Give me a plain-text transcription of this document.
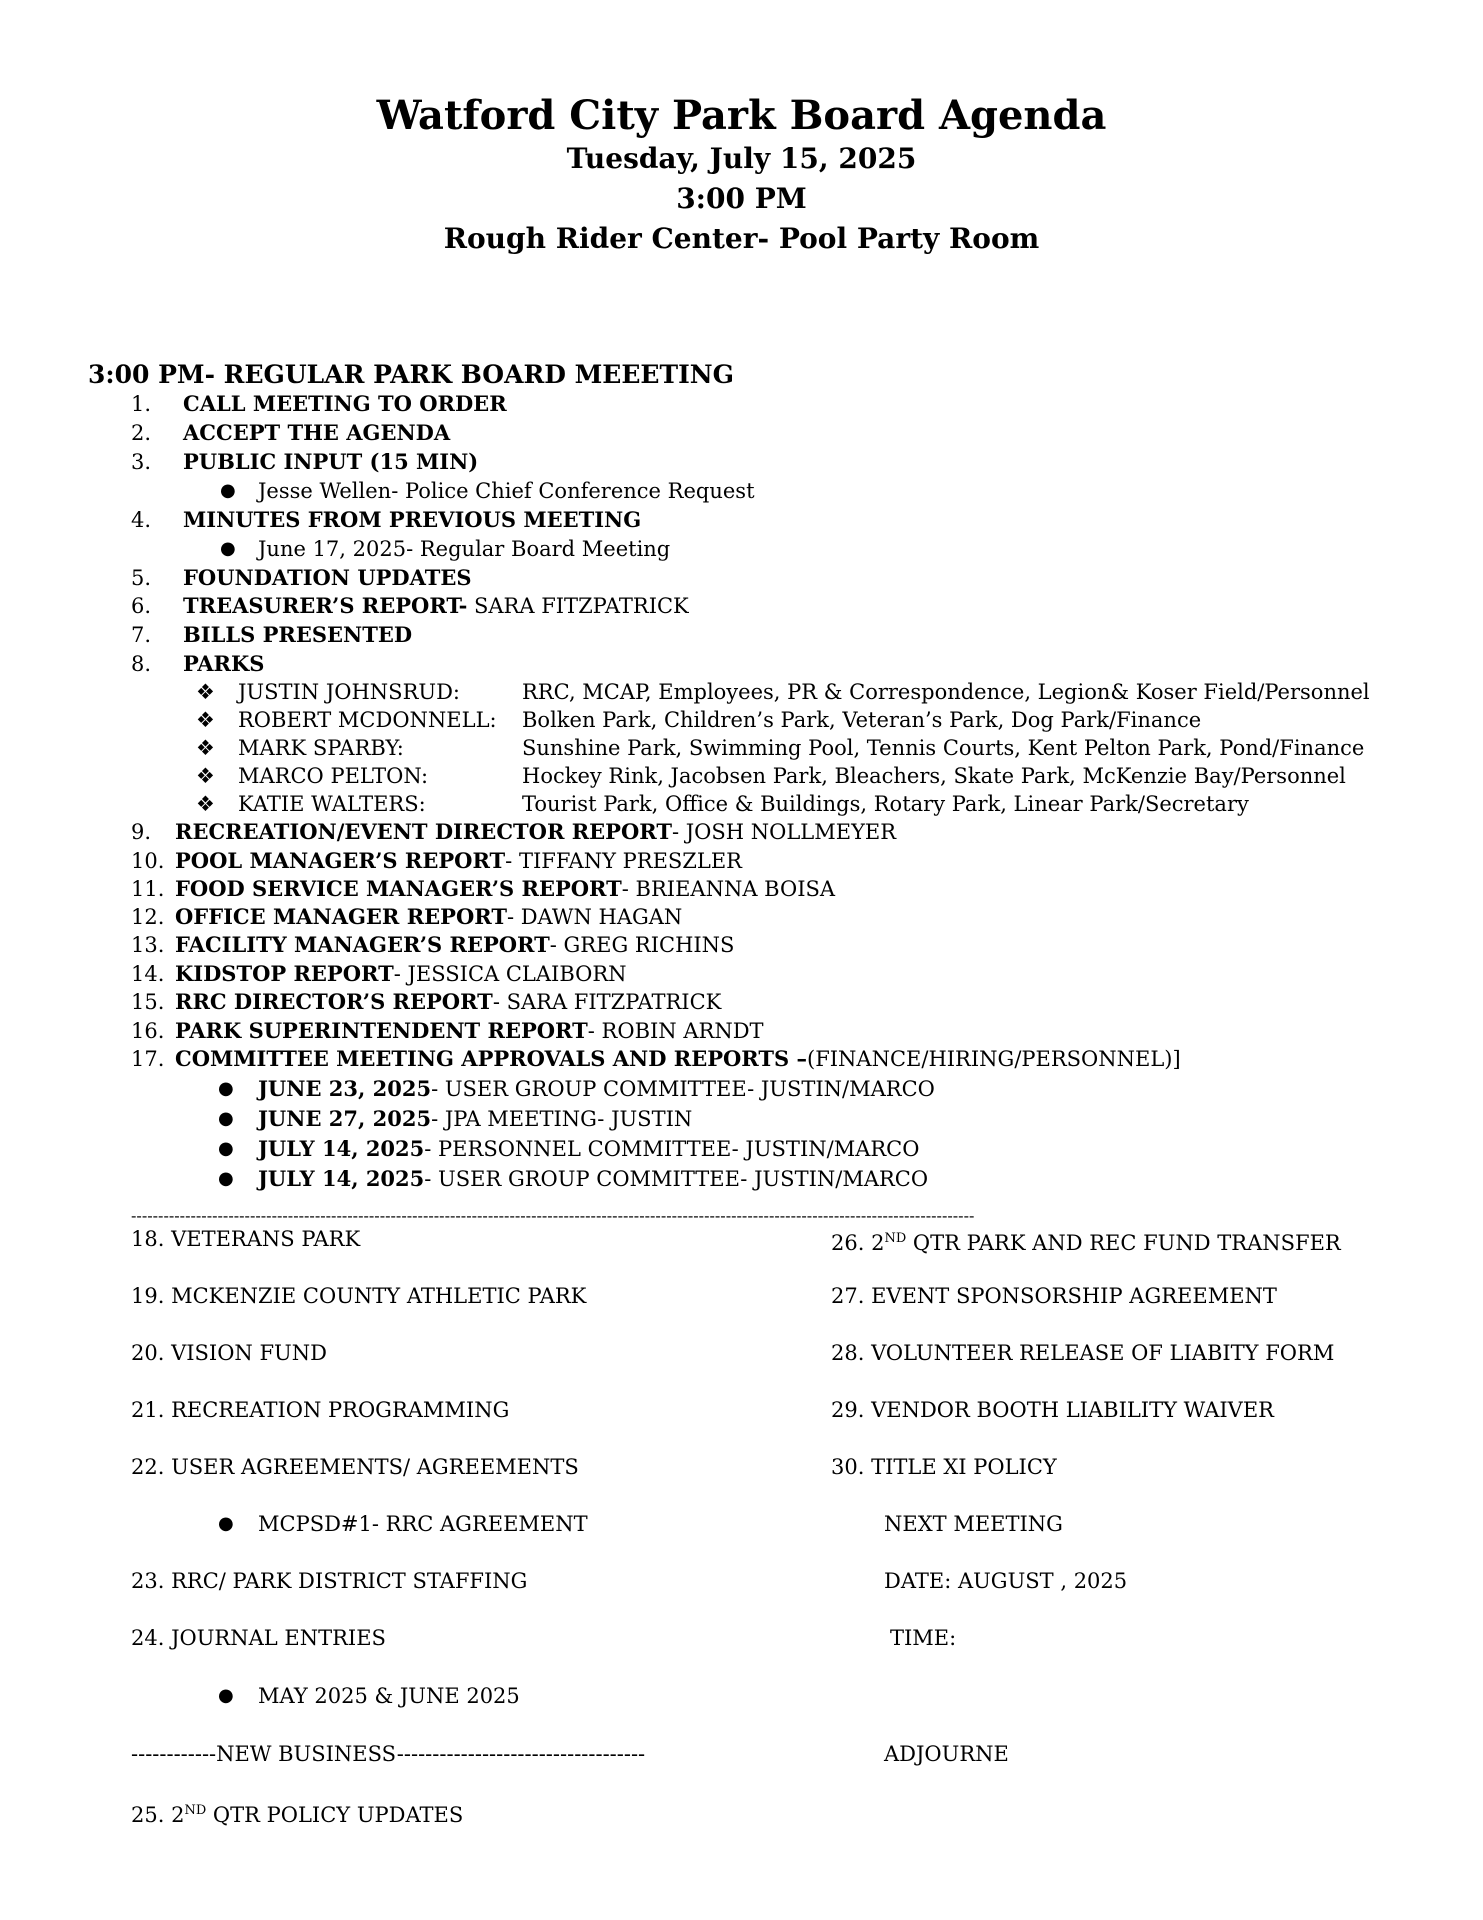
Watford City Park Board Agenda
Tuesday, July 15, 2025
3:00 PM
Rough Rider Center- Pool Party Room
3:00 PM- REGULAR PARK BOARD MEEETING
1. CALL MEETING TO ORDER
2. ACCEPT THE AGENDA
3. PUBLIC INPUT (15 MIN)
● Jesse Wellen- Police Chief Conference Request
4. MINUTES FROM PREVIOUS MEETING
● June 17, 2025- Regular Board Meeting
5. FOUNDATION UPDATES
6. TREASURER’S REPORT- SARA FITZPATRICK
7. BILLS PRESENTED
8. PARKS
❖ JUSTIN JOHNSRUD:	RRC, MCAP, Employees, PR & Correspondence, Legion& Koser Field/Personnel
❖ ROBERT MCDONNELL: Bolken Park, Children’s Park, Veteran’s Park, Dog Park/Finance
❖ MARK SPARBY:	Sunshine Park, Swimming Pool, Tennis Courts, Kent Pelton Park, Pond/Finance
❖ MARCO PELTON:	Hockey Rink, Jacobsen Park, Bleachers, Skate Park, McKenzie Bay/Personnel
❖ KATIE WALTERS:	Tourist Park, Office & Buildings, Rotary Park, Linear Park/Secretary
9. RECREATION/EVENT DIRECTOR REPORT- JOSH NOLLMEYER
10. POOL MANAGER’S REPORT- TIFFANY PRESZLER
11. FOOD SERVICE MANAGER’S REPORT- BRIEANNA BOISA
12. OFFICE MANAGER REPORT- DAWN HAGAN
13. FACILITY MANAGER’S REPORT- GREG RICHINS
14. KIDSTOP REPORT- JESSICA CLAIBORN
15. RRC DIRECTOR’S REPORT- SARA FITZPATRICK
16. PARK SUPERINTENDENT REPORT- ROBIN ARNDT
17. COMMITTEE MEETING APPROVALS AND REPORTS –(FINANCE/HIRING/PERSONNEL)]
● JUNE 23, 2025- USER GROUP COMMITTEE- JUSTIN/MARCO
● JUNE 27, 2025- JPA MEETING- JUSTIN
● JULY 14, 2025- PERSONNEL COMMITTEE- JUSTIN/MARCO
● JULY 14, 2025- USER GROUP COMMITTEE- JUSTIN/MARCO
------------------------------------------------------------------------------------------------------------------------------------------------------------
18. VETERANS PARK
19. MCKENZIE COUNTY ATHLETIC PARK
20. VISION FUND
21. RECREATION PROGRAMMING
22. USER AGREEMENTS/ AGREEMENTS
● MCPSD#1- RRC AGREEMENT
23. RRC/ PARK DISTRICT STAFFING
24. JOURNAL ENTRIES
● MAY 2025 & JUNE 2025
------------NEW BUSINESS-----------------------------------
25. 2ND QTR POLICY UPDATES
26. 2ND QTR PARK AND REC FUND TRANSFER
27. EVENT SPONSORSHIP AGREEMENT
28. VOLUNTEER RELEASE OF LIABITY FORM
29. VENDOR BOOTH LIABILITY WAIVER
30. TITLE XI POLICY
NEXT MEETING
DATE: AUGUST , 2025
TIME:
ADJOURNE
